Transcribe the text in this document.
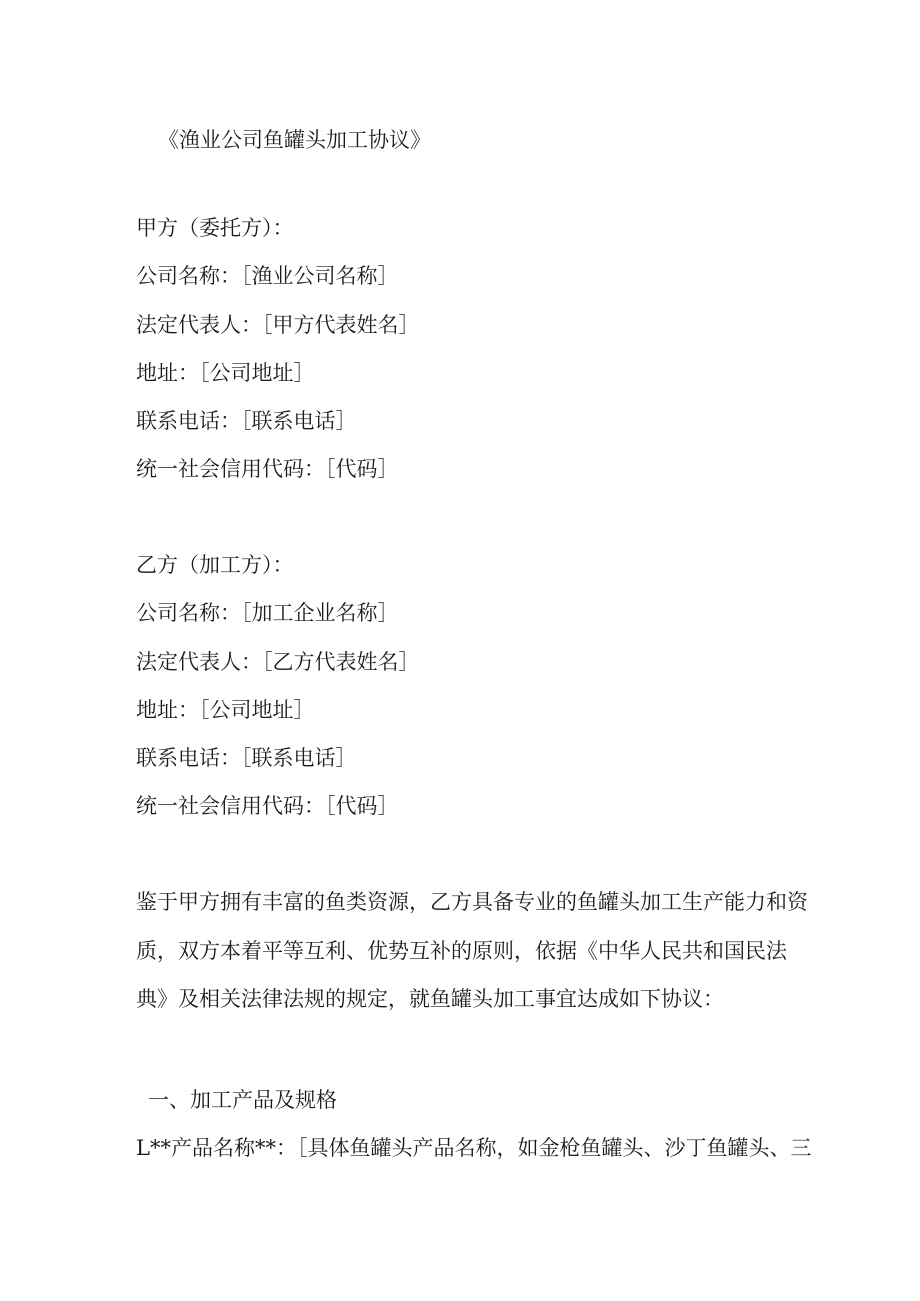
《渔业公司鱼罐头加工协议》
甲方（委托方）：
公司名称：［渔业公司名称］
法定代表人：［甲方代表姓名］
地址：［公司地址］
联系电话：［联系电话］
统一社会信用代码：［代码］
乙方（加工方）：
公司名称：［加工企业名称］
法定代表人：［乙方代表姓名］
地址：［公司地址］
联系电话：［联系电话］
统一社会信用代码：［代码］
鉴于甲方拥有丰富的鱼类资源，乙方具备专业的鱼罐头加工生产能力和资
质，双方本着平等互利、优势互补的原则，依据《中华人民共和国民法
典》及相关法律法规的规定，就鱼罐头加工事宜达成如下协议：
一、加工产品及规格
L**产品名称**：［具体鱼罐头产品名称，如金枪鱼罐头、沙丁鱼罐头、三
